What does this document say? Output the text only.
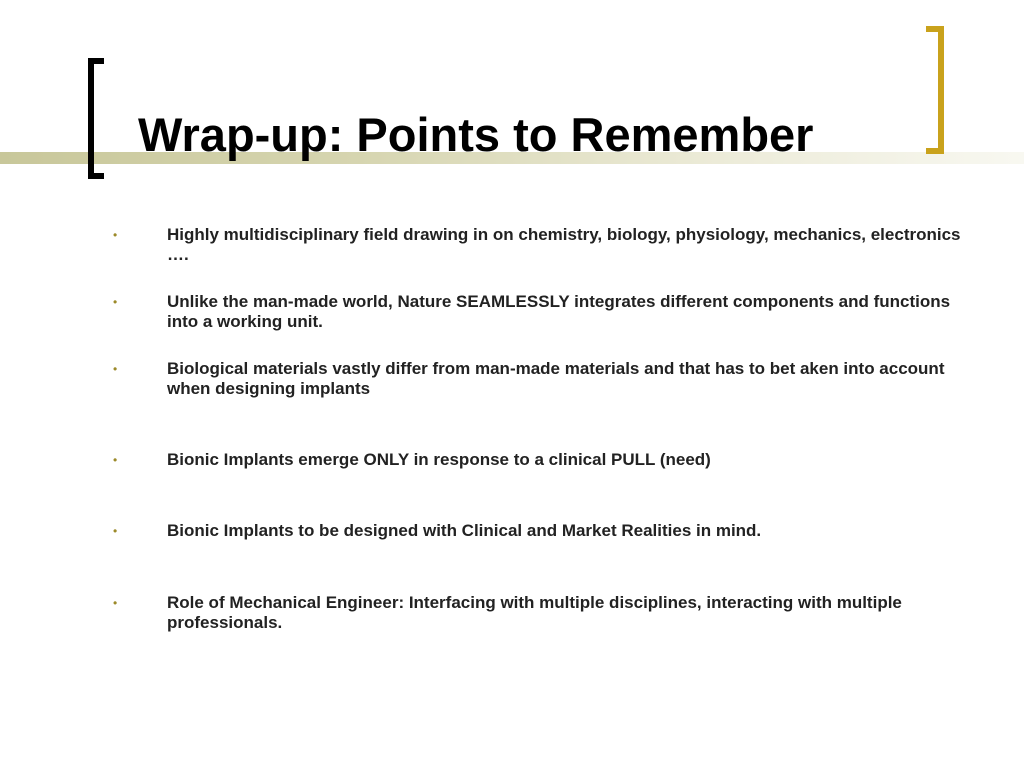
Wrap-up: Points to Remember
•	Highly multidisciplinary field drawing in on chemistry, biology, physiology, mechanics, electronics ….
•	Unlike the man-made world, Nature SEAMLESSLY integrates different components and functions into a working unit.
•	Biological materials vastly differ from man-made materials and that has to bet aken into account when designing implants
•	Bionic Implants emerge ONLY in response to a clinical PULL (need)
•	Bionic Implants to be designed with Clinical and Market Realities in mind.
•	Role of Mechanical Engineer: Interfacing with multiple disciplines, interacting with multiple professionals.
